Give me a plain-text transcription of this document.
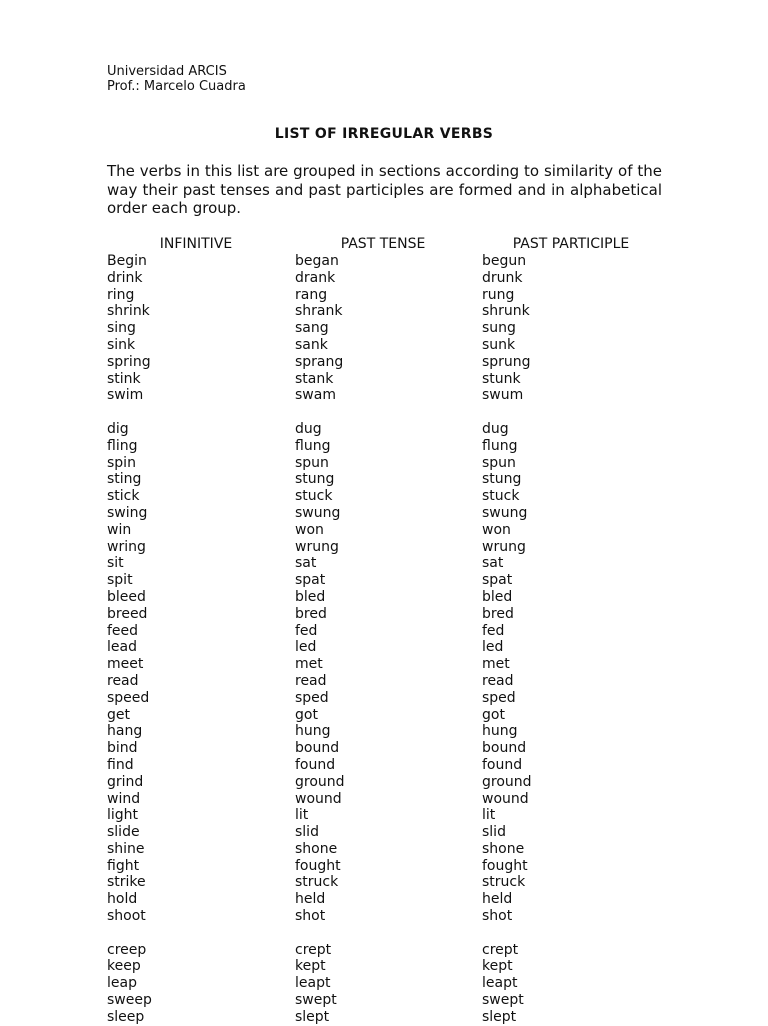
Universidad ARCIS
Prof.: Marcelo Cuadra
LIST OF IRREGULAR VERBS
The verbs in this list are grouped in sections according to similarity of the way their past tenses and past participles are formed and in alphabetical order each group.
INFINITIVE	PAST TENSE	PAST PARTICIPLE
Begin	began	begun
drink	drank	drunk
ring	rang	rung
shrink	shrank	shrunk
sing	sang	sung
sink	sank	sunk
spring	sprang	sprung
stink	stank	stunk
swim	swam	swum
dig	dug	dug
fling	flung	flung
spin	spun	spun
sting	stung	stung
stick	stuck	stuck
swing	swung	swung
win	won	won
wring	wrung	wrung
sit	sat	sat
spit	spat	spat
bleed	bled	bled
breed	bred	bred
feed	fed	fed
lead	led	led
meet	met	met
read	read	read
speed	sped	sped
get	got	got
hang	hung	hung
bind	bound	bound
find	found	found
grind	ground	ground
wind	wound	wound
light	lit	lit
slide	slid	slid
shine	shone	shone
fight	fought	fought
strike	struck	struck
hold	held	held
shoot	shot	shot
creep	crept	crept
keep	kept	kept
leap	leapt	leapt
sweep	swept	swept
sleep	slept	slept
